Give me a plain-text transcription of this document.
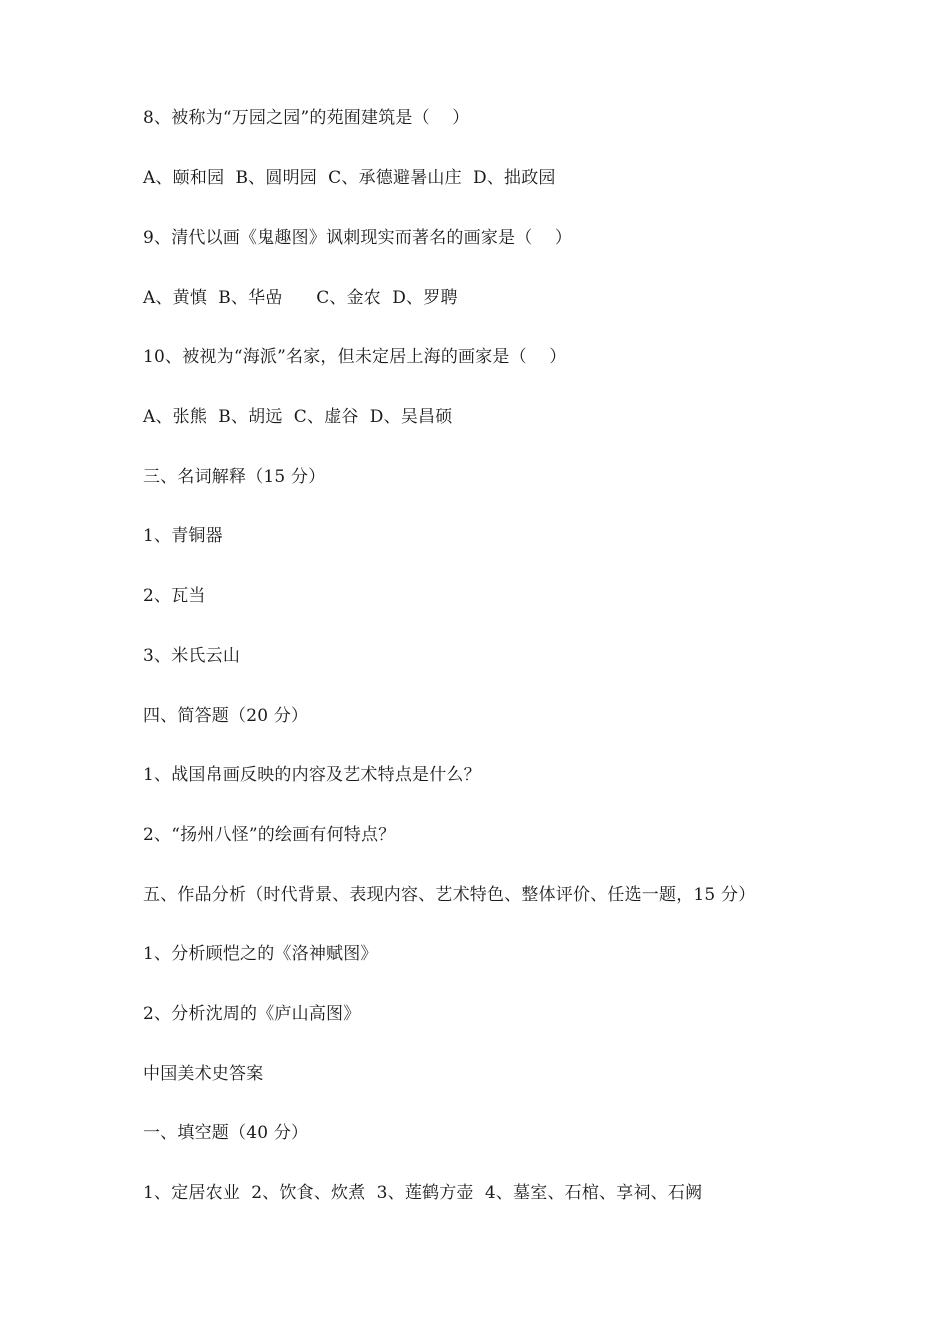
8、被称为“万园之园”的苑囿建筑是（    ）
A、颐和园  B、圆明园  C、承德避暑山庄  D、拙政园
9、清代以画《鬼趣图》讽刺现实而著名的画家是（    ）
A、黄慎  B、华嵒      C、金农  D、罗聘
10、被视为“海派”名家，但未定居上海的画家是（    ）
A、张熊  B、胡远  C、虚谷  D、吴昌硕
三、名词解释（15 分）
1、青铜器
2、瓦当
3、米氏云山
四、简答题（20 分）
1、战国帛画反映的内容及艺术特点是什么？
2、“扬州八怪”的绘画有何特点？
五、作品分析（时代背景、表现内容、艺术特色、整体评价、任选一题，15 分）
1、分析顾恺之的《洛神赋图》
2、分析沈周的《庐山高图》
中国美术史答案
一、填空题（40 分）
1、定居农业  2、饮食、炊煮  3、莲鹤方壶  4、墓室、石棺、享祠、石阙
